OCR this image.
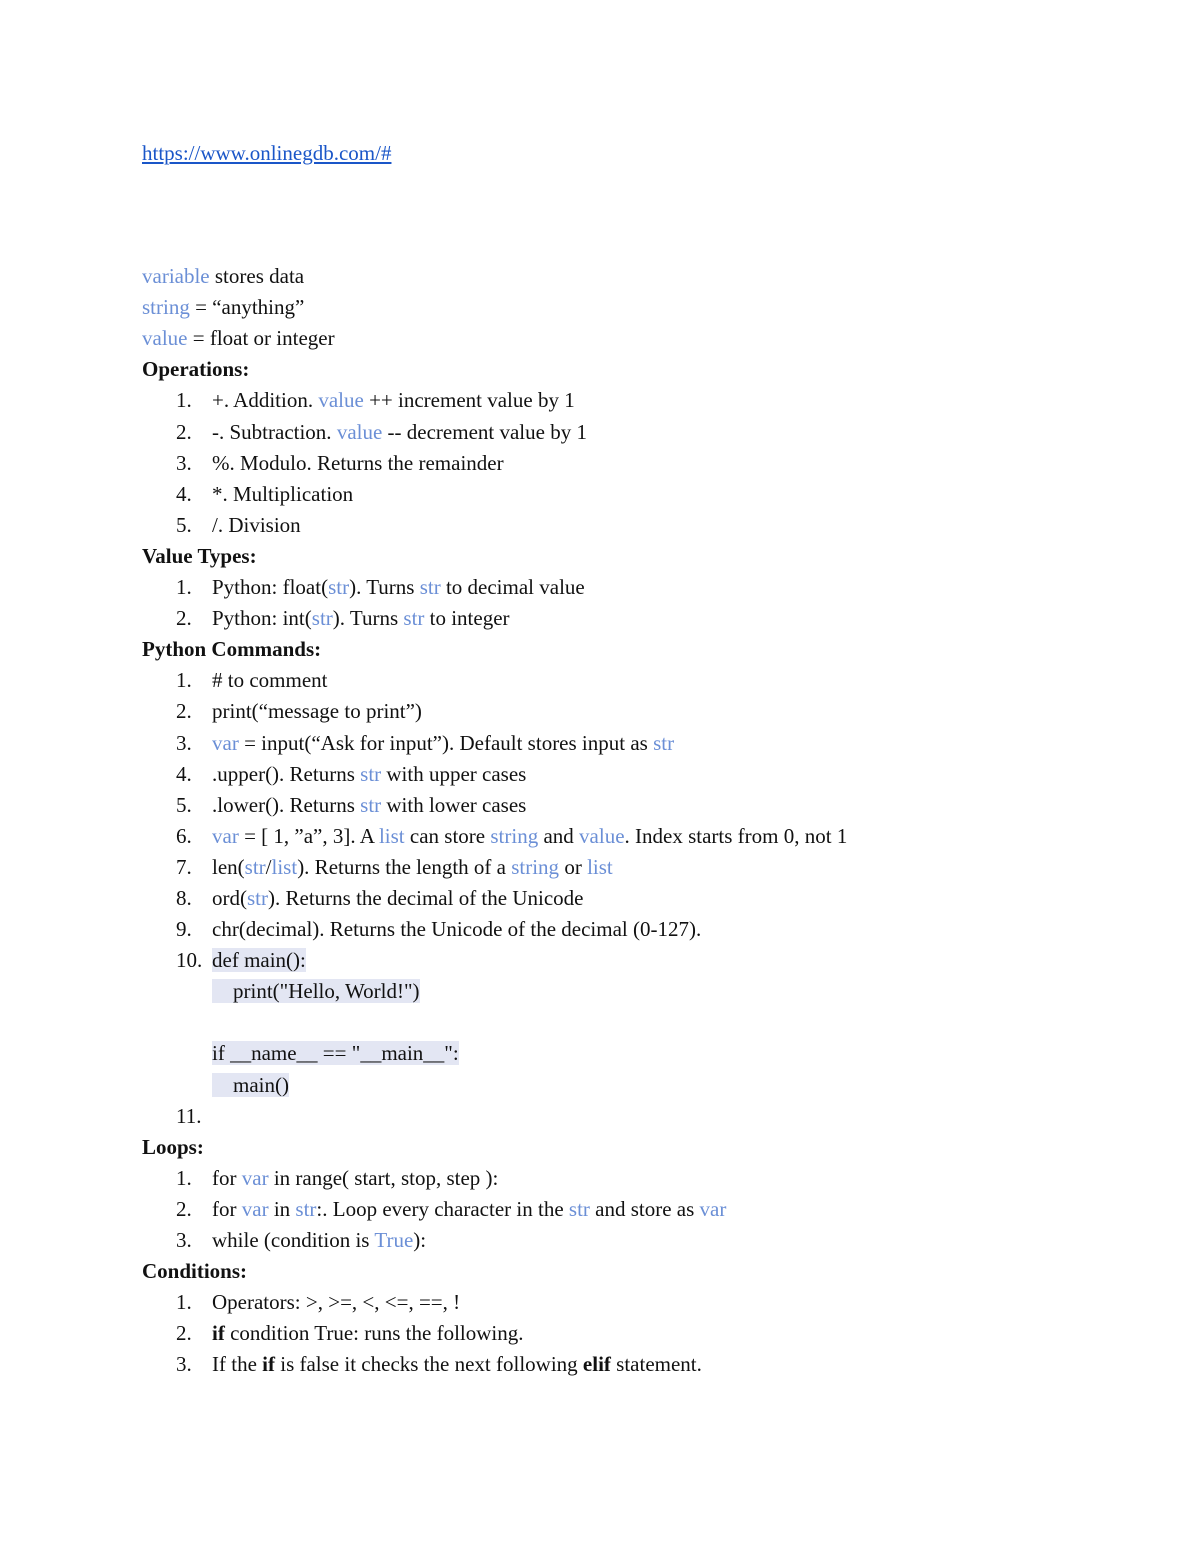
https://www.onlinegdb.com/#
variable stores data
string = “anything”
value = float or integer
Operations:
1. +. Addition. value ++ increment value by 1
2. -. Subtraction. value -- decrement value by 1
3. %. Modulo. Returns the remainder
4. *. Multiplication
5. /. Division
Value Types:
1. Python: float(str). Turns str to decimal value
2. Python: int(str). Turns str to integer
Python Commands:
1. # to comment
2. print(“message to print”)
3. var = input(“Ask for input”). Default stores input as str
4. .upper(). Returns str with upper cases
5. .lower(). Returns str with lower cases
6. var = [ 1, ”a”, 3]. A list can store string and value. Index starts from 0, not 1
7. len(str/list). Returns the length of a string or list
8. ord(str). Returns the decimal of the Unicode
9. chr(decimal). Returns the Unicode of the decimal (0-127).
10. def main():
print("Hello, World!")

if __name__ == "__main__":
main()
11.
Loops:
1. for var in range( start, stop, step ):
2. for var in str:. Loop every character in the str and store as var
3. while (condition is True):
Conditions:
1. Operators: >, >=, <, <=, ==, !
2. if condition True: runs the following.
3. If the if is false it checks the next following elif statement.
